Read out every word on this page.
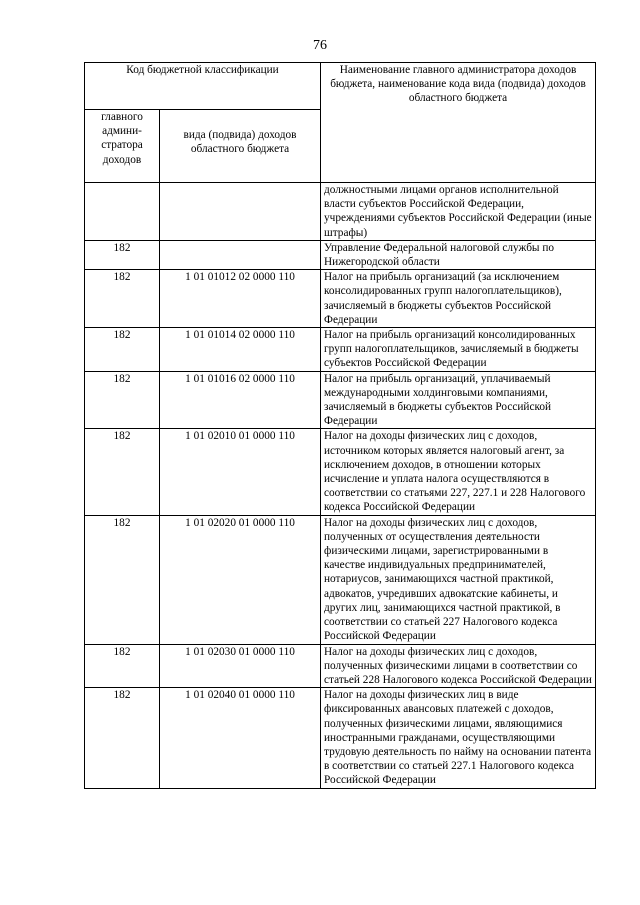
76
Код бюджетной классификации		Наименование главного администратора доходов бюджета, наименование кода вида (подвида) доходов областного бюджета
главного админи-стратора доходов	вида (подвида) доходов областного бюджета	
		должностными лицами органов исполнительной власти субъектов Российской Федерации, учреждениями субъектов Российской Федерации (иные штрафы)
182		Управление Федеральной налоговой службы по Нижегородской области
182	1 01 01012 02 0000 110	Налог на прибыль организаций (за исключением консолидированных групп налогоплательщиков), зачисляемый в бюджеты субъектов Российской Федерации
182	1 01 01014 02 0000 110	Налог на прибыль организаций консолидированных групп налогоплательщиков, зачисляемый в бюджеты субъектов Российской Федерации
182	1 01 01016 02 0000 110	Налог на прибыль организаций, уплачиваемый международными холдинговыми компаниями, зачисляемый в бюджеты субъектов Российской Федерации
182	1 01 02010 01 0000 110	Налог на доходы физических лиц с доходов, источником которых является налоговый агент, за исключением доходов, в отношении которых исчисление и уплата налога осуществляются в соответствии со статьями 227, 227.1 и 228 Налогового кодекса Российской Федерации
182	1 01 02020 01 0000 110	Налог на доходы физических лиц с доходов, полученных от осуществления деятельности физическими лицами, зарегистрированными в качестве индивидуальных предпринимателей, нотариусов, занимающихся частной практикой, адвокатов, учредивших адвокатские кабинеты, и других лиц, занимающихся частной практикой, в соответствии со статьей 227 Налогового кодекса Российской Федерации
182	1 01 02030 01 0000 110	Налог на доходы физических лиц с доходов, полученных физическими лицами в соответствии со статьей 228 Налогового кодекса Российской Федерации
182	1 01 02040 01 0000 110	Налог на доходы физических лиц в виде фиксированных авансовых платежей с доходов, полученных физическими лицами, являющимися иностранными гражданами, осуществляющими трудовую деятельность по найму на основании патента в соответствии со статьей 227.1 Налогового кодекса Российской Федерации
